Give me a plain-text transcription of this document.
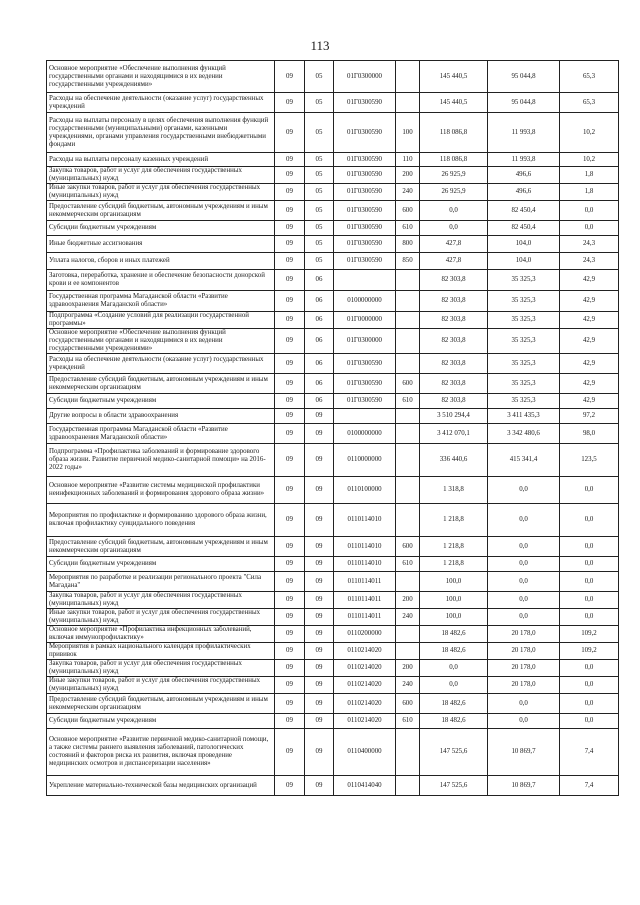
113
Основное мероприятие «Обеспечение выполнения функций государственными органами и находящимися в их ведении государственными учреждениями»	09	05	01Г0300000		145 440,5	95 044,8	65,3
Расходы на обеспечение деятельности (оказание услуг) государственных учреждений	09	05	01Г0300590		145 440,5	95 044,8	65,3
Расходы на выплаты персоналу в целях обеспечения выполнения функций государственными (муниципальными) органами, казенными учреждениями, органами управления государственными внебюджетными фондами	09	05	01Г0300590	100	118 086,8	11 993,8	10,2
Расходы на выплаты персоналу казенных учреждений	09	05	01Г0300590	110	118 086,8	11 993,8	10,2
Закупка товаров, работ и услуг для обеспечения государственных (муниципальных) нужд	09	05	01Г0300590	200	26 925,9	496,6	1,8
Иные закупки товаров, работ и услуг для обеспечения государственных (муниципальных) нужд	09	05	01Г0300590	240	26 925,9	496,6	1,8
Предоставление субсидий бюджетным, автономным учреждениям и иным некоммерческим организациям	09	05	01Г0300590	600	0,0	82 450,4	0,0
Субсидии бюджетным учреждениям	09	05	01Г0300590	610	0,0	82 450,4	0,0
Иные бюджетные ассигнования	09	05	01Г0300590	800	427,8	104,0	24,3
Уплата налогов, сборов и иных платежей	09	05	01Г0300590	850	427,8	104,0	24,3
Заготовка, переработка, хранение и обеспечение безопасности донорской крови и ее компонентов	09	06			82 303,8	35 325,3	42,9
Государственная программа Магаданской области «Развитие здравоохранения Магаданской области»	09	06	0100000000		82 303,8	35 325,3	42,9
Подпрограмма «Создание условий для реализации государственной программы»	09	06	01Г0000000		82 303,8	35 325,3	42,9
Основное мероприятие «Обеспечение выполнения функций государственными органами и находящимися в их ведении государственными учреждениями»	09	06	01Г0300000		82 303,8	35 325,3	42,9
Расходы на обеспечение деятельности (оказание услуг) государственных учреждений	09	06	01Г0300590		82 303,8	35 325,3	42,9
Предоставление субсидий бюджетным, автономным учреждениям и иным некоммерческим организациям	09	06	01Г0300590	600	82 303,8	35 325,3	42,9
Субсидии бюджетным учреждениям	09	06	01Г0300590	610	82 303,8	35 325,3	42,9
Другие вопросы в области здравоохранения	09	09			3 510 294,4	3 411 435,3	97,2
Государственная программа Магаданской области «Развитие здравоохранения Магаданской области»	09	09	0100000000		3 412 070,1	3 342 480,6	98,0
Подпрограмма «Профилактика заболеваний и формирование здорового образа жизни. Развитие первичной медико-санитарной помощи» на 2016-2022 годы»	09	09	0110000000		336 440,6	415 341,4	123,5
Основное мероприятие «Развитие системы медицинской профилактики неинфекционных заболеваний и формирования здорового образа жизни»	09	09	0110100000		1 318,8	0,0	0,0
Мероприятия по профилактике и формированию здорового образа жизни, включая профилактику суицидального поведения	09	09	0110114010		1 218,8	0,0	0,0
Предоставление субсидий бюджетным, автономным учреждениям и иным некоммерческим организациям	09	09	0110114010	600	1 218,8	0,0	0,0
Субсидии бюджетным учреждениям	09	09	0110114010	610	1 218,8	0,0	0,0
Мероприятия по разработке и реализации регионального проекта "Сила Магадана"	09	09	0110114011		100,0	0,0	0,0
Закупка товаров, работ и услуг для обеспечения государственных (муниципальных) нужд	09	09	0110114011	200	100,0	0,0	0,0
Иные закупки товаров, работ и услуг для обеспечения государственных (муниципальных) нужд	09	09	0110114011	240	100,0	0,0	0,0
Основное мероприятие «Профилактика инфекционных заболеваний, включая иммунопрофилактику»	09	09	0110200000		18 482,6	20 178,0	109,2
Мероприятия в рамках национального календаря профилактических прививок	09	09	0110214020		18 482,6	20 178,0	109,2
Закупка товаров, работ и услуг для обеспечения государственных (муниципальных) нужд	09	09	0110214020	200	0,0	20 178,0	0,0
Иные закупки товаров, работ и услуг для обеспечения государственных (муниципальных) нужд	09	09	0110214020	240	0,0	20 178,0	0,0
Предоставление субсидий бюджетным, автономным учреждениям и иным некоммерческим организациям	09	09	0110214020	600	18 482,6	0,0	0,0
Субсидии бюджетным учреждениям	09	09	0110214020	610	18 482,6	0,0	0,0
Основное мероприятие «Развитие первичной медико-санитарной помощи, а также системы раннего выявления заболеваний, патологических состояний и факторов риска их развития, включая проведение медицинских осмотров и диспансеризации населения»	09	09	0110400000		147 525,6	10 869,7	7,4
Укрепление материально-технической базы медицинских организаций	09	09	0110414040		147 525,6	10 869,7	7,4
